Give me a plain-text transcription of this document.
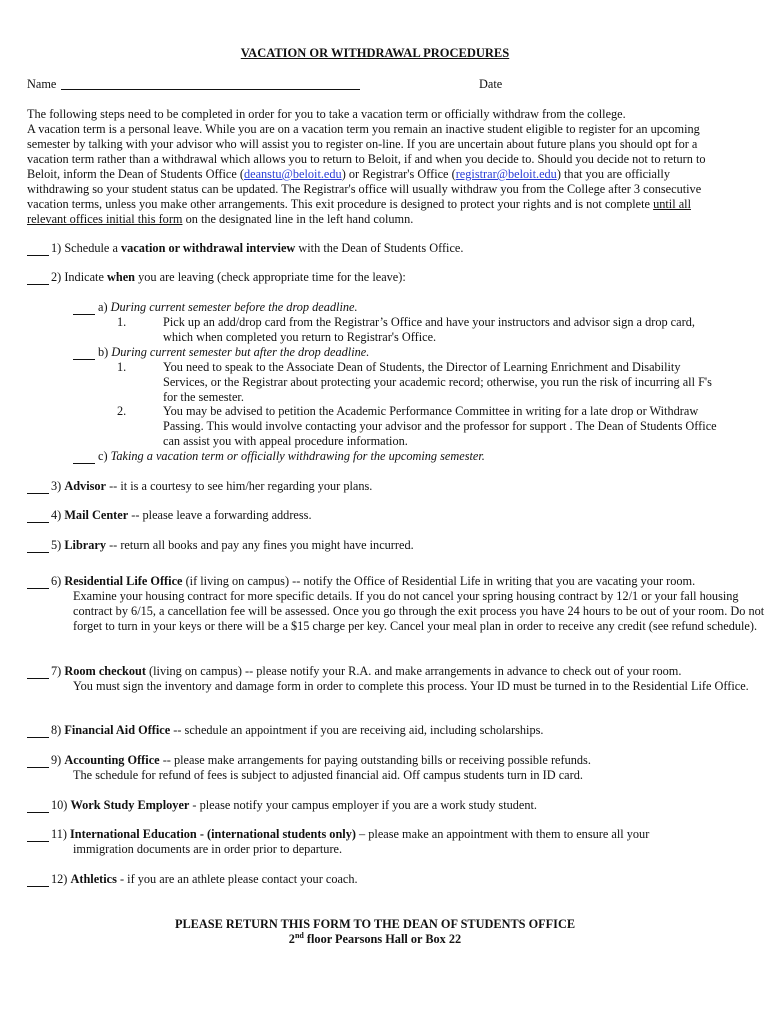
VACATION OR WITHDRAWAL PROCEDURES
Name	Date

The following steps need to be completed in order for you to take a vacation term or officially withdraw from the college.

A vacation term is a personal leave. While you are on a vacation term you remain an inactive student eligible to register for an upcoming semester by talking with your advisor who will assist you to register on-line. If you are uncertain about future plans you should opt for a vacation term rather than a withdrawal which allows you to return to Beloit, if and when you decide to. Should you decide not to return to Beloit, inform the Dean of Students Office (deanstu@beloit.edu) or Registrar's Office (registrar@beloit.edu) that you are officially withdrawing so your student status can be updated. The Registrar's office will usually withdraw you from the College after 3 consecutive vacation terms, unless you make other arrangements. This exit procedure is designed to protect your rights and is not complete until all relevant offices initial this form on the designated line in the left hand column.

1) Schedule a vacation or withdrawal interview with the Dean of Students Office.
2) Indicate when you are leaving (check appropriate time for the leave):
a) During current semester before the drop deadline.
1.	Pick up an add/drop card from the Registrar’s Office and have your instructors and advisor sign a drop card, which when completed you return to Registrar's Office.
b) During current semester but after the drop deadline.
1.	You need to speak to the Associate Dean of Students, the Director of Learning Enrichment and Disability Services, or the Registrar about protecting your academic record; otherwise, you run the risk of incurring all F's for the semester.
2.	You may be advised to petition the Academic Performance Committee in writing for a late drop or Withdraw Passing. This would involve contacting your advisor and the professor for support . The Dean of Students Office can assist you with appeal procedure information.
c) Taking a vacation term or officially withdrawing for the upcoming semester.
3) Advisor -- it is a courtesy to see him/her regarding your plans.
4) Mail Center -- please leave a forwarding address.
5) Library -- return all books and pay any fines you might have incurred.
6) Residential Life Office (if living on campus) -- notify the Office of Residential Life in writing that you are vacating your room.
Examine your housing contract for more specific details. If you do not cancel your spring housing contract by 12/1 or your fall housing contract by 6/15, a cancellation fee will be assessed. Once you go through the exit process you have 24 hours to be out of your room. Do not forget to turn in your keys or there will be a $15 charge per key. Cancel your meal plan in order to receive any credit (see refund schedule).
7) Room checkout (living on campus) -- please notify your R.A. and make arrangements in advance to check out of your room.
You must sign the inventory and damage form in order to complete this process. Your ID must be turned in to the Residential Life Office.
8) Financial Aid Office -- schedule an appointment if you are receiving aid, including scholarships.
9) Accounting Office -- please make arrangements for paying outstanding bills or receiving possible refunds.
The schedule for refund of fees is subject to adjusted financial aid. Off campus students turn in ID card.
10) Work Study Employer - please notify your campus employer if you are a work study student.
11) International Education - (international students only) – please make an appointment with them to ensure all your
immigration documents are in order prior to departure.
12) Athletics - if you are an athlete please contact your coach.
PLEASE RETURN THIS FORM TO THE DEAN OF STUDENTS OFFICE
2nd floor Pearsons Hall or Box 22
